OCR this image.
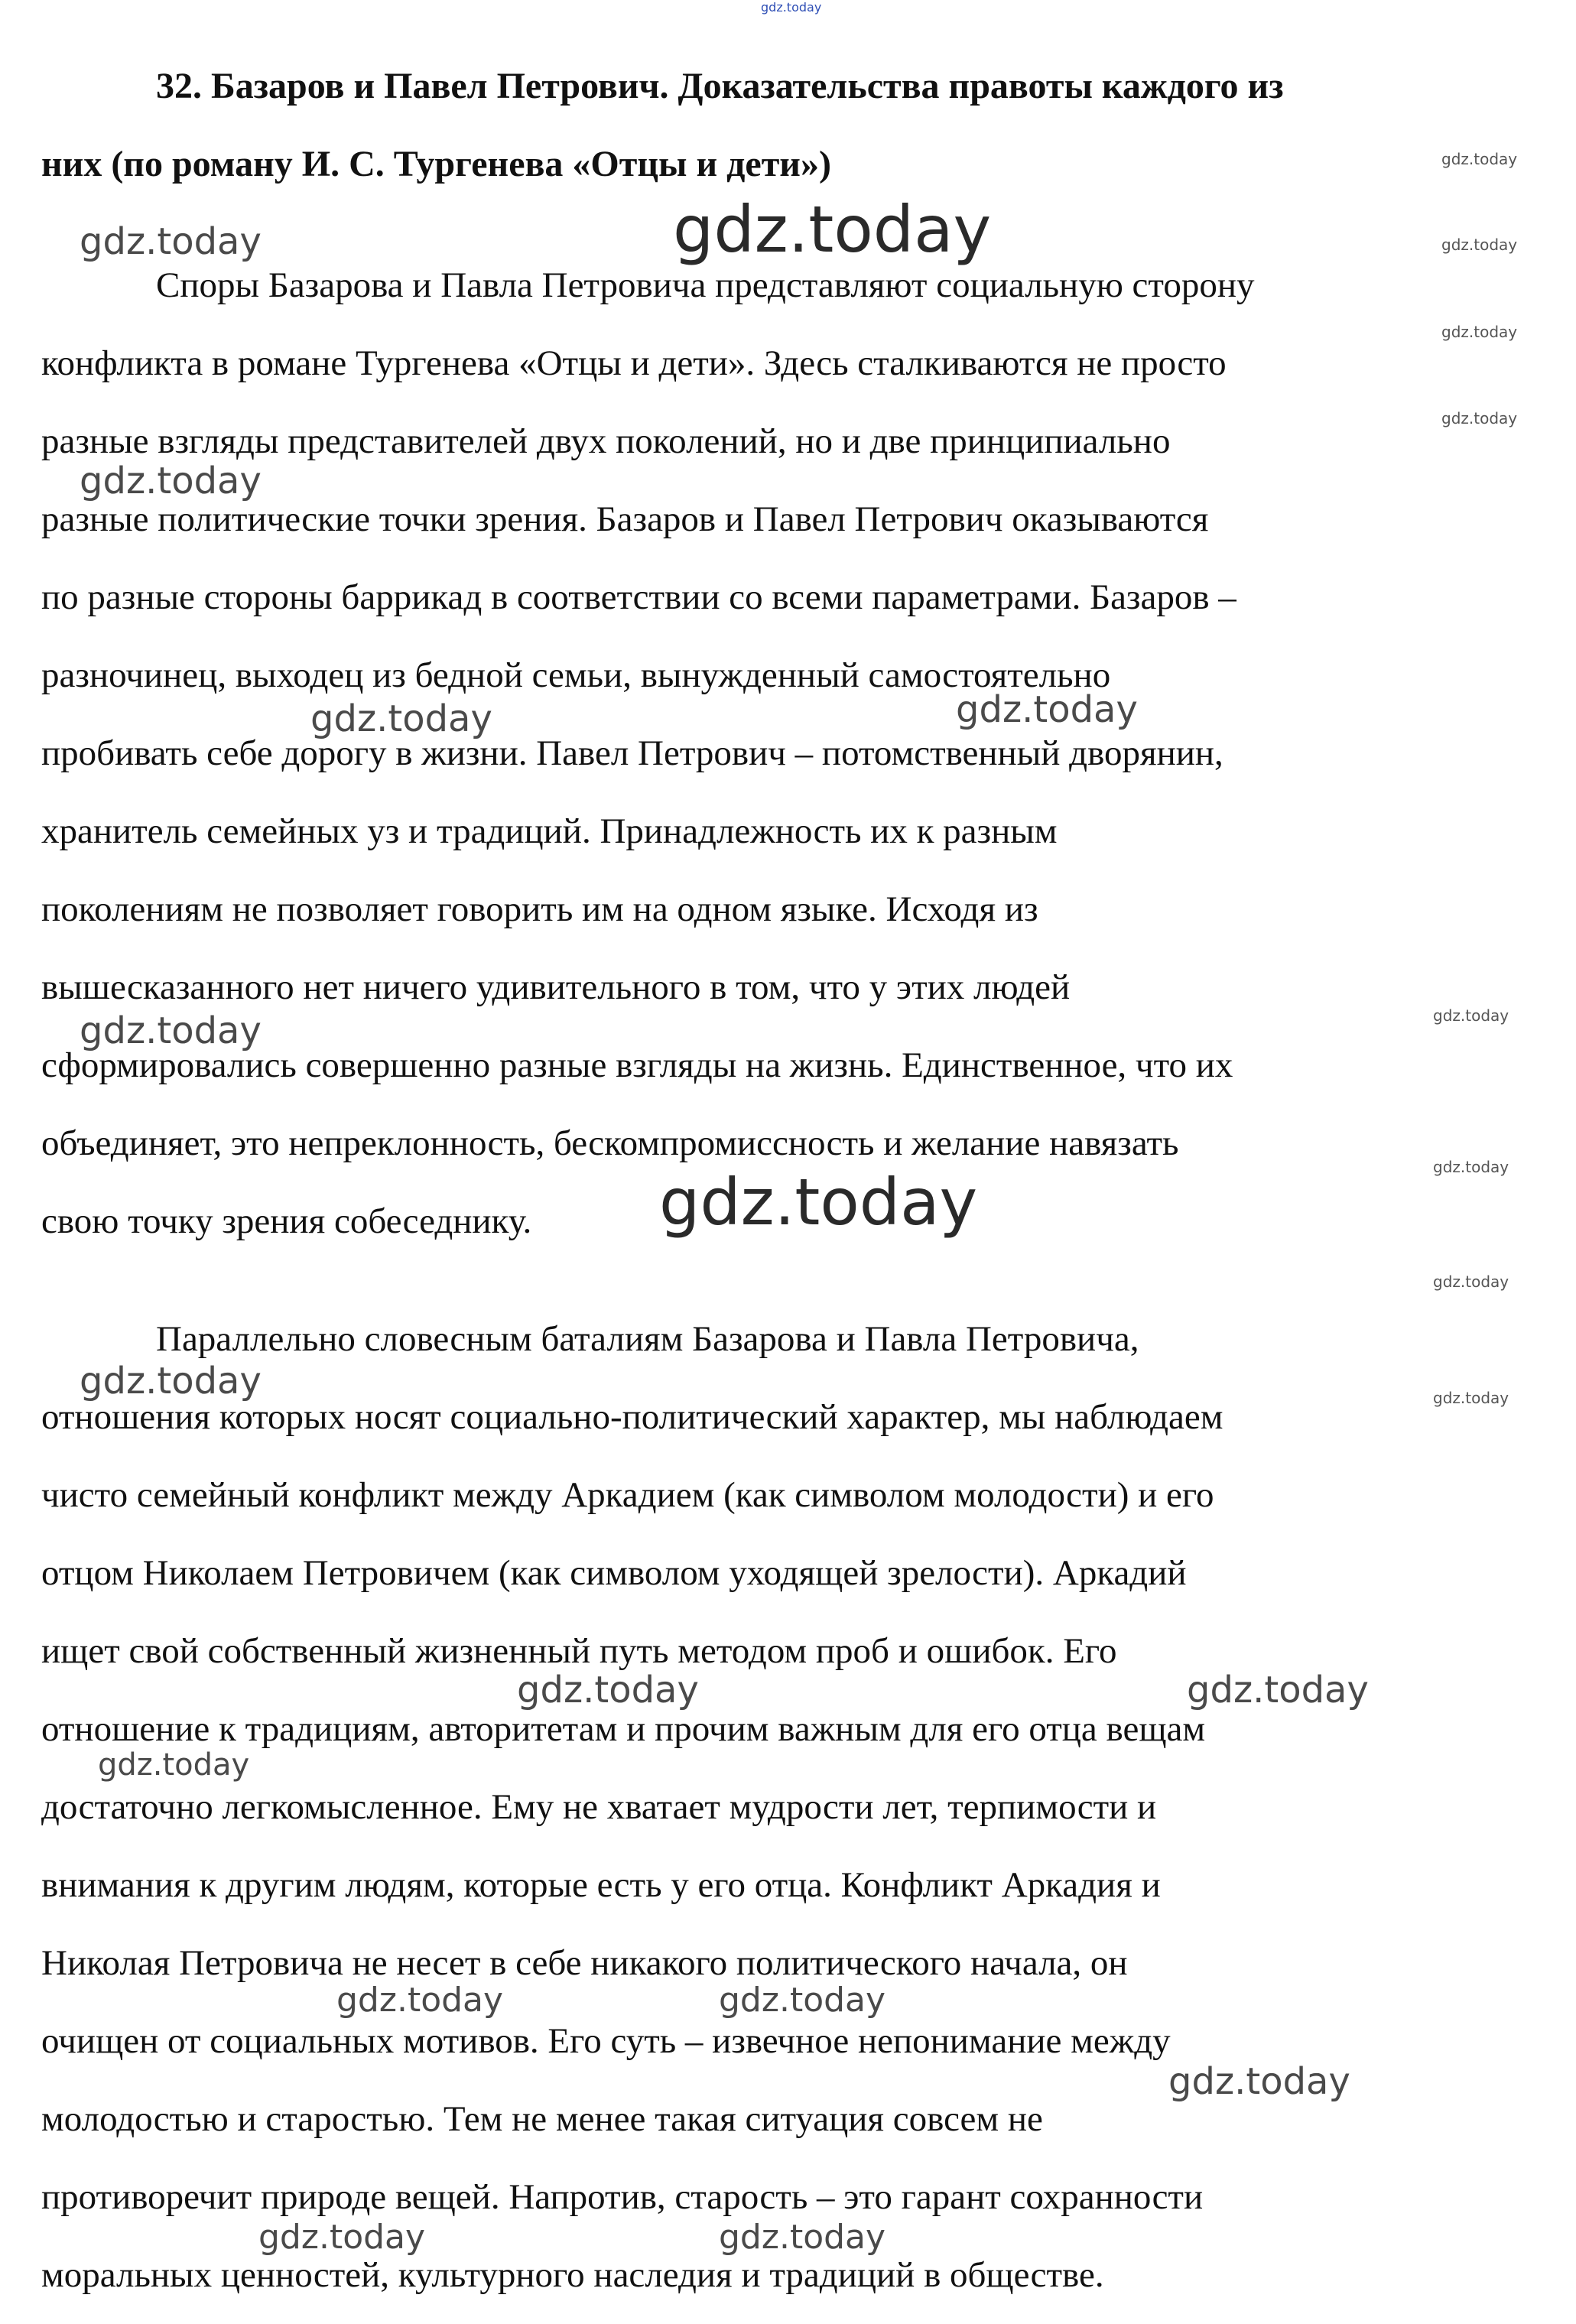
gdz.today
32. Базаров и Павел Петрович. Доказательства правоты каждого из
них (по роману И. С. Тургенева «Отцы и дети»)
Споры Базарова и Павла Петровича представляют социальную сторону
конфликта в романе Тургенева «Отцы и дети». Здесь сталкиваются не просто
разные взгляды представителей двух поколений, но и две принципиально
разные политические точки зрения. Базаров и Павел Петрович оказываются
по разные стороны баррикад в соответствии со всеми параметрами. Базаров –
разночинец, выходец из бедной семьи, вынужденный самостоятельно
пробивать себе дорогу в жизни. Павел Петрович – потомственный дворянин,
хранитель семейных уз и традиций. Принадлежность их к разным
поколениям не позволяет говорить им на одном языке. Исходя из
вышесказанного нет ничего удивительного в том, что у этих людей
сформировались совершенно разные взгляды на жизнь. Единственное, что их
объединяет, это непреклонность, бескомпромиссность и желание навязать
свою точку зрения собеседнику.
Параллельно словесным баталиям Базарова и Павла Петровича,
отношения которых носят социально-политический характер, мы наблюдаем
чисто семейный конфликт между Аркадием (как символом молодости) и его
отцом Николаем Петровичем (как символом уходящей зрелости). Аркадий
ищет свой собственный жизненный путь методом проб и ошибок. Его
отношение к традициям, авторитетам и прочим важным для его отца вещам
достаточно легкомысленное. Ему не хватает мудрости лет, терпимости и
внимания к другим людям, которые есть у его отца. Конфликт Аркадия и
Николая Петровича не несет в себе никакого политического начала, он
очищен от социальных мотивов. Его суть – извечное непонимание между
молодостью и старостью. Тем не менее такая ситуация совсем не
противоречит природе вещей. Напротив, старость – это гарант сохранности
моральных ценностей, культурного наследия и традиций в обществе.
gdz.today
gdz.today
gdz.today
gdz.today
gdz.today	gdz.today
gdz.today
gdz.today
gdz.today	gdz.today
gdz.today
gdz.today
gdz.today
gdz.today
gdz.today
gdz.today
gdz.today
gdz.today
gdz.today
gdz.today
gdz.today	gdz.today
gdz.today	gdz.today
